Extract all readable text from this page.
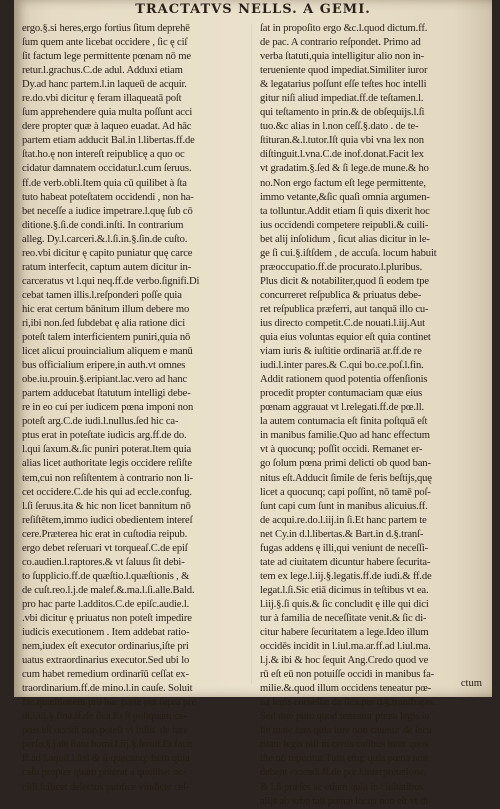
TRACTATVS NELLS. A GEMI.
ergo.§.si heres,ergo fortius ſitum deprehē
ſum quem ante licebat occidere , ſic ę ciſ
ſit factum lege permittente pœnam nō me
retur.l.grachus.C.de adul. Adduxi etiam
Dy.ad hanc partem.l.in laqueū de acquir.
re.do.vbi dicitur ę feram illaqueatā poſt
ſum apprehendere quia multa poſſunt acci
dere propter quæ à laqueo euadat. Ad hāc
partem etiam adducit Bal.in l.libertas.ff.de
ſtat.ho.ę non intereſt reipublicę a quo oc
cidatur damnatem occidatur.l.cum ſeruus.
ff.de verb.obli.Item quia cū quilibet à ſta
tuto habeat poteſtatem occidendi , non ha-
bet neceſſe a iudice impetrare.l.quę ſub cō
ditione.§.ſi.de condi.inſti. In contrarium
alleg. Dy.l.carceri.&.l.ſi.in.§.ſin.de cuſto.
reo.vbi dicitur ę capito puniatur quę carce
ratum interfecit, captum autem dicitur in-
carceratus vt l.qui neq.ff.de verbo.ſignifi.Di
cebat tamen illis.l.reſponderi poſſe quia
hic erat certum bānitum illum debere mo
ri,ibi non.ſed ſubdebat ę alia ratione dici
poteſt talem interficientem puniri,quia nō
licet alicui prouincialium aliquem e manū
bus officialium eripere,in auth.vt omnes
obe.iu.prouin.§.eripiant.lac.vero ad hanc
partem adducebat ſtatutum intelligi debe-
re in eo cui per iudicem pœna imponi non
poteſt arg.C.de iudi.l.nullus.ſed hic ca-
ptus erat in poteſtate iudicis arg.ff.de do.
l.qui ſaxum.&.ſic puniri poterat.Item quia
alias licet authoritate legis occidere reſiſte
tem,cui non reſiſtentem à contrario non li-
cet occidere.C.de his qui ad eccle.confug.
l.ſi ſeruus.ita & hic non licet bannitum nō
reſiſtētem,immo iudici obedientem intereſ
cere.Præterea hic erat in cuſtodia reipub.
ergo debet reſeruari vt torqueaſ.C.de epiſ
co.audien.l.raptores.& vt ſaluus ſit debi-
to ſupplicio.ff.de quæſtio.l.quæſtionis , &
de cuſt.reo.l.j.de malef.&.ma.l.ſi.alle.Bald.
pro hac parte l.additos.C.de epiſc.audie.l.
.vbi dicitur ę priuatus non poteſt impedire
iudicis executionem . Item addebat ratio-
nem,iudex eſt executor ordinarius,iſte pri
uatus extraordinarius executor.Sed ubi lo
cum habet remedium ordinarīū ceſſat ex-
traordinarium.ff.de mino.l.in cauſe. Soluit
Iac.quæſtionem pro hac parte per ſupra pre
di.l.iij.§.fina.ff.de ſica.Et ſi poſtquam ca-
ptus eſt occidi non poteſt vt inſtit. de iure
perſo.§.j.de ſtatu homi.l.iij.§.ſeruiſ.Et facit
ff.ad l.aquil.l.ſed & ſi quecunq; Item quia
caſu propter quam poterat a quolibet oc-
cidi,ſcilicet delectus publice vindicte ceſ-
ſat in propoſito ergo &c.l.quod dictum.ff.
de pac. A contrario reſpondet. Primo ad
verba ſtatuti,quia intelligitur alio non in-
terueniente quod impediat.Similiter iuror
& legatarius poſſunt eſſe teſtes hoc intelli
gitur niſi aliud impediat.ff.de teſtamen.l.
qui teſtamento in prin.& de obſequijs.l.ſi
tuo.&c alias in l.non ceſſ.§.dato . de te-
ſtituran.&.l.tutor.Iſt quia vbi vna lex non
diſtinguit.l.vna.C.de inof.donat.Facit lex
vt gradatim.§.ſed & ſi lege.de mune.& ho
no.Non ergo factum eſt lege permittente,
immo vetante,&ſic quaſi omnia argumen-
ta tolluntur.Addit etiam ſi quis dixerit hoc
ius occidendi competere reipubli.& cuili-
bet alij inſolidum , ſicut alias dicitur in le-
ge ſi cui.§.iſtſdem , de accuſa. locum habuit
præoccupatio.ff.de procurato.l.pluribus.
Plus dicit & notabiliter,quod ſi eodem tpe
concurreret reſpublica & priuatus debe-
ret reſpublica præferri, aut tanquā illo cu-
ius directo competit.C.de nouati.l.iij.Aut
quia eius voluntas equior eſt quia continet
viam iuris & iuſtitie ordinariā ar.ff.de re
iudi.l.inter pares.& C.qui bo.ce.poſ.l.fin.
Addit rationem quod potentia offenſionis
procedit propter contumaciam quæ eius
pœnam aggrauat vt l.relegati.ff.de pœ.ll.
la autem contumacia eſt finita poſtquā eſt
in manibus familie.Quo ad hanc effectum
vt à quocunq; poſſit occidi. Remanet er-
go ſolum pœna primi delicti ob quod ban-
nitus eſt.Adducit ſimile de feris beſtijs,quę
licet a quocunq; capi poſſint, nō tamē poſ-
ſunt capi cum ſunt in manibus alicuius.ff.
de acqui.re.do.l.iij.in ſi.Et hanc partem te
net Cy.in d.l.libertas.& Bart.in d.§.tranſ-
fugas addens ę illi,qui veniunt de neceſſi-
tate ad ciuitatem dicuntur habere ſecurita-
tem ex lege.l.iij.§.legatis.ff.de iudi.& ff.de
legat.l.ſi.Sic etiā dicimus in teſtibus vt ea.
l.iij.§.ſi quis.& ſic concludit ę ille qui dici
tur à familia de neceſſitate venit.& ſic di-
citur habere ſecuritatem a lege.Ideo illum
occidēs incidit in l.iul.ma.ar.ff.ad l.iul.ma.
l.j.& ibi & hoc ſequit Ang.Credo quod ve
rū eſt eū non potuiſſe occidi in manibus fa-
milie.&.quod illum occidens teneatur pœ-
na legis corneliæ de ſica.per d.§.tranſfugas.
Sed non puto quod teneatur pœna legis iu
lie maie,tum quia iure non cauetur de ſecu
ritate legis niſi in certis caſibus inter quos
iſte nō reperitur.Tum eſtq; quia pœna non
debent extendi.ff.de pœ.l.interpretatione.
& l.ſi præſes ac etiam quia in ciuitatibus
alijs ab vrbe tali pœnæ locus non eſt vt di-
ctum
